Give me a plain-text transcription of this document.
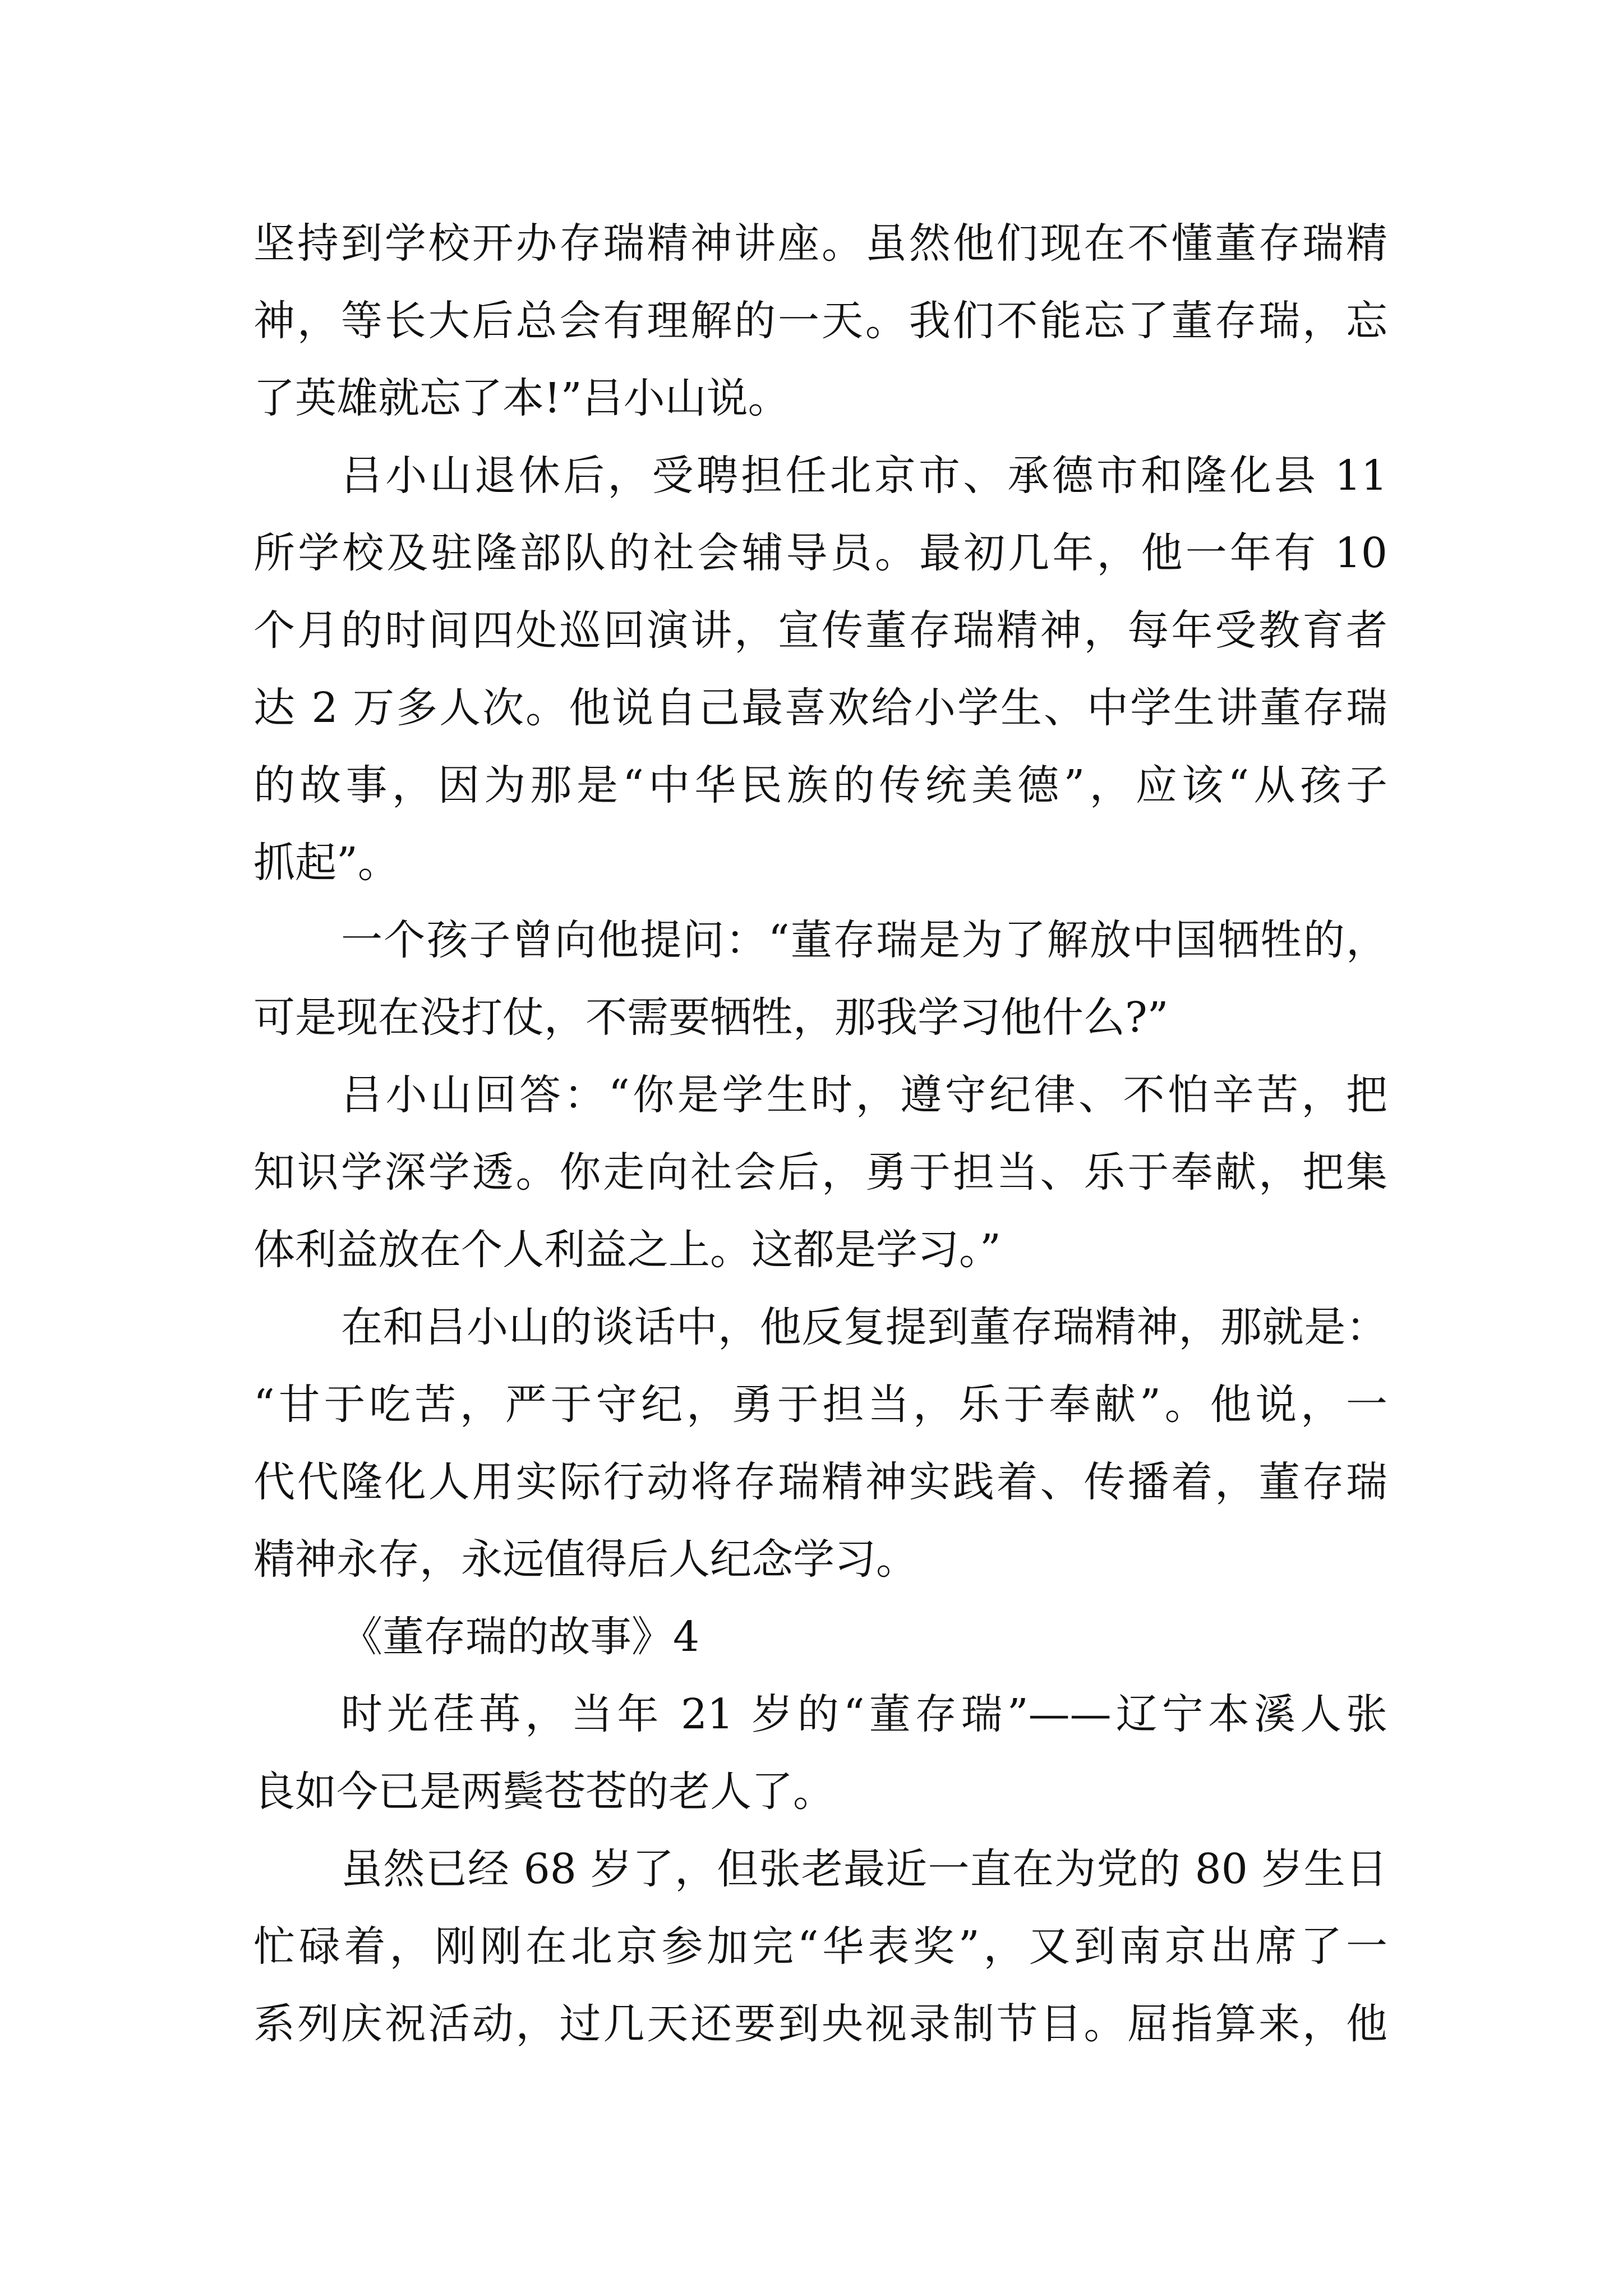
坚持到学校开办存瑞精神讲座。虽然他们现在不懂董存瑞精
神，等长大后总会有理解的一天。我们不能忘了董存瑞，忘
了英雄就忘了本!”吕小山说。
吕小山退休后，受聘担任北京市、承德市和隆化县 11
所学校及驻隆部队的社会辅导员。最初几年，他一年有 10
个月的时间四处巡回演讲，宣传董存瑞精神，每年受教育者
达 2 万多人次。他说自己最喜欢给小学生、中学生讲董存瑞
的故事，因为那是“中华民族的传统美德”，应该“从孩子
抓起”。
一个孩子曾向他提问：“董存瑞是为了解放中国牺牲的，
可是现在没打仗，不需要牺牲，那我学习他什么?”
吕小山回答：“你是学生时，遵守纪律、不怕辛苦，把
知识学深学透。你走向社会后，勇于担当、乐于奉献，把集
体利益放在个人利益之上。这都是学习。”
在和吕小山的谈话中，他反复提到董存瑞精神，那就是：
“甘于吃苦，严于守纪，勇于担当，乐于奉献”。他说，一
代代隆化人用实际行动将存瑞精神实践着、传播着，董存瑞
精神永存，永远值得后人纪念学习。
《董存瑞的故事》4
时光荏苒，当年 21 岁的“董存瑞”——辽宁本溪人张
良如今已是两鬓苍苍的老人了。
虽然已经 68 岁了，但张老最近一直在为党的 80 岁生日
忙碌着，刚刚在北京参加完“华表奖”，又到南京出席了一
系列庆祝活动，过几天还要到央视录制节目。屈指算来，他
